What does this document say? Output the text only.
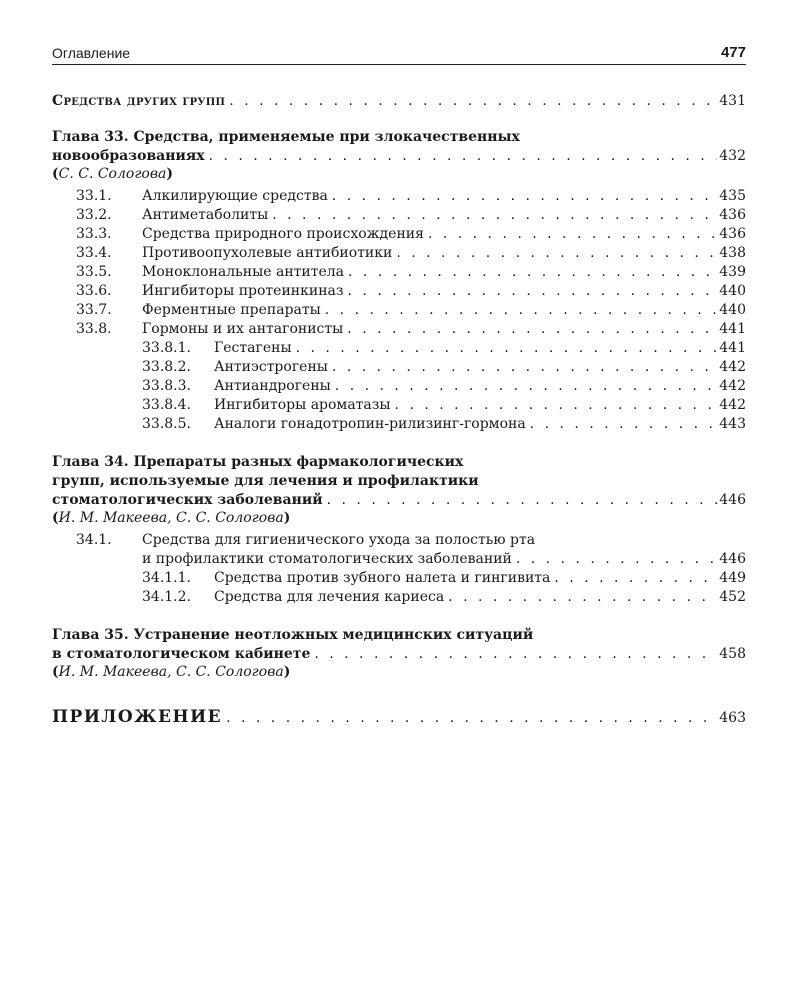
Оглавление	477
Средства других групп . . .	431
Глава 33. Средства, применяемые при злокачественных
новообразованиях . . .	432
(С. С. Сологова)
33.1. Алкилирующие средства . . .	435
33.2. Антиметаболиты . . .	436
33.3. Средства природного происхождения . . .	436
33.4. Противоопухолевые антибиотики . . .	438
33.5. Моноклональные антитела . . .	439
33.6. Ингибиторы протеинкиназ . . .	440
33.7. Ферментные препараты . . .	440
33.8. Гормоны и их антагонисты . . .	441
33.8.1. Гестагены . . .	441
33.8.2. Антиэстрогены . . .	442
33.8.3. Антиандрогены . . .	442
33.8.4. Ингибиторы ароматазы . . .	442
33.8.5. Аналоги гонадотропин-рилизинг-гормона . . .	443
Глава 34. Препараты разных фармакологических
групп, используемые для лечения и профилактики
стоматологических заболеваний . . .	446
(И. М. Макеева, С. С. Сологова)
34.1. Средства для гигиенического ухода за полостью рта
и профилактики стоматологических заболеваний . . .	446
34.1.1. Средства против зубного налета и гингивита . . .	449
34.1.2. Средства для лечения кариеса . . .	452
Глава 35. Устранение неотложных медицинских ситуаций
в стоматологическом кабинете . . .	458
(И. М. Макеева, С. С. Сологова)
ПРИЛОЖЕНИЕ . . .	463
